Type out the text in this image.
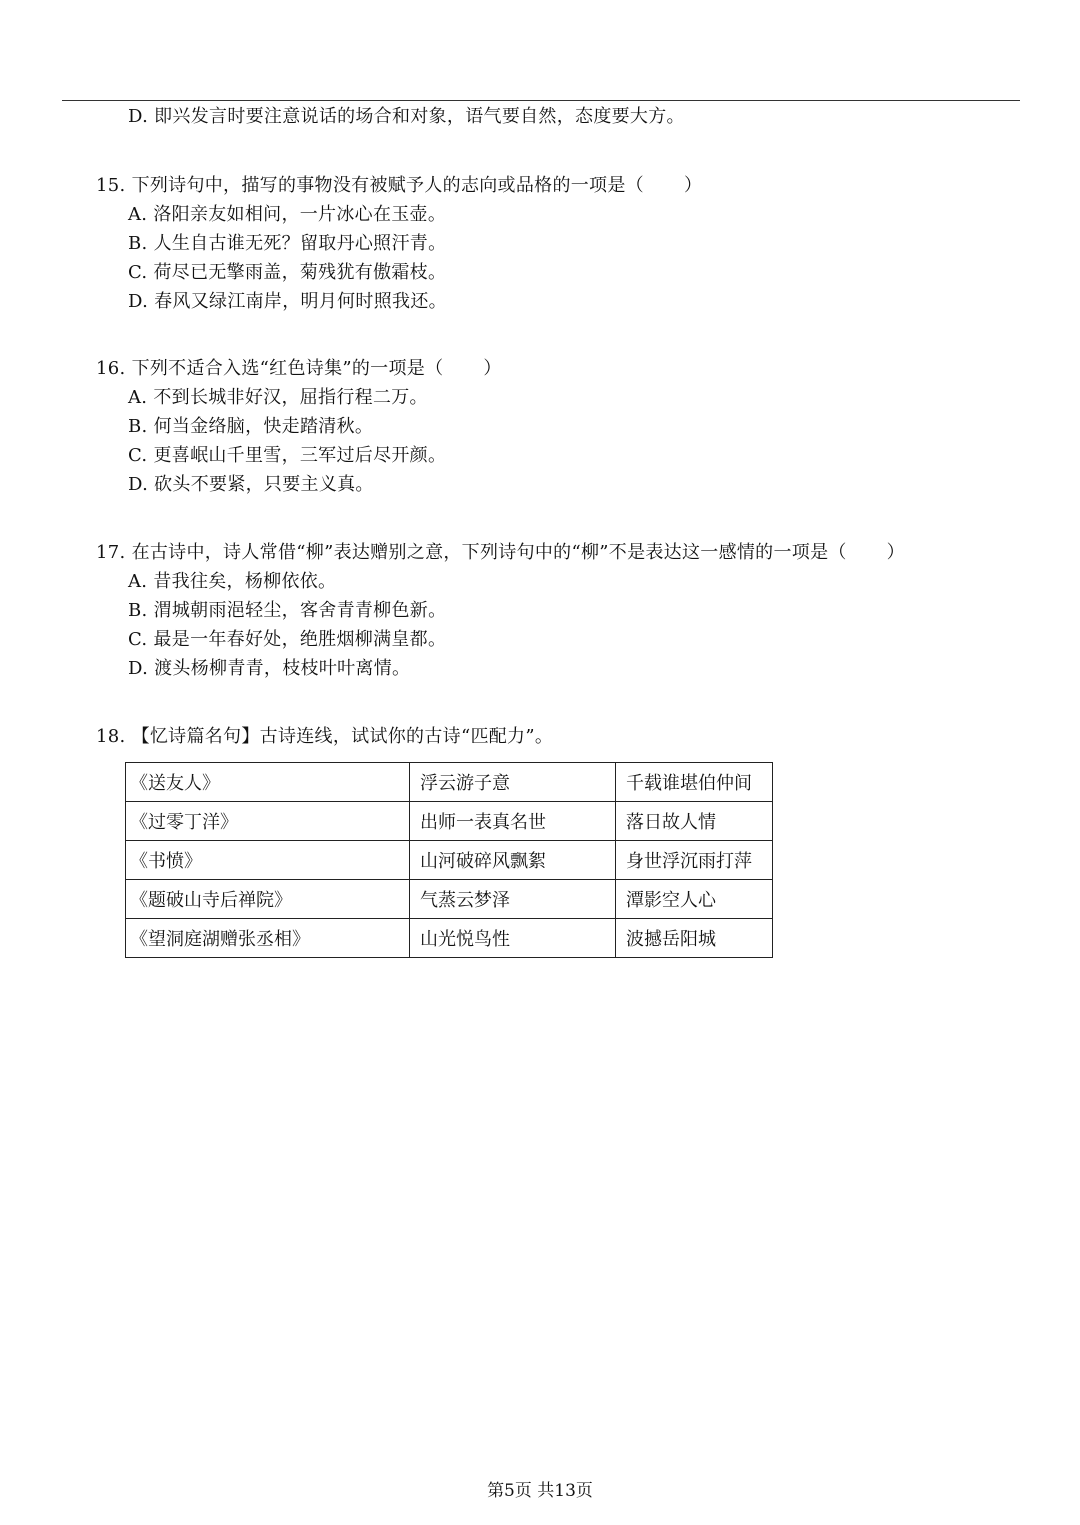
D. 即兴发言时要注意说话的场合和对象，语气要自然，态度要大方。
15. 下列诗句中，描写的事物没有被赋予人的志向或品格的一项是（ ）
A. 洛阳亲友如相问，一片冰心在玉壶。
B. 人生自古谁无死？留取丹心照汗青。
C. 荷尽已无擎雨盖，菊残犹有傲霜枝。
D. 春风又绿江南岸，明月何时照我还。
16. 下列不适合入选“红色诗集”的一项是（ ）
A. 不到长城非好汉，屈指行程二万。
B. 何当金络脑，快走踏清秋。
C. 更喜岷山千里雪，三军过后尽开颜。
D. 砍头不要紧，只要主义真。
17. 在古诗中，诗人常借“柳”表达赠别之意，下列诗句中的“柳”不是表达这一感情的一项是（ ）
A. 昔我往矣，杨柳依依。
B. 渭城朝雨浥轻尘，客舍青青柳色新。
C. 最是一年春好处，绝胜烟柳满皇都。
D. 渡头杨柳青青，枝枝叶叶离情。
18. 【忆诗篇名句】古诗连线，试试你的古诗“匹配力”。
《送友人》	浮云游子意	千载谁堪伯仲间
《过零丁洋》	出师一表真名世	落日故人情
《书愤》	山河破碎风飘絮	身世浮沉雨打萍
《题破山寺后禅院》	气蒸云梦泽	潭影空人心
《望洞庭湖赠张丞相》	山光悦鸟性	波撼岳阳城
第5页 共13页
